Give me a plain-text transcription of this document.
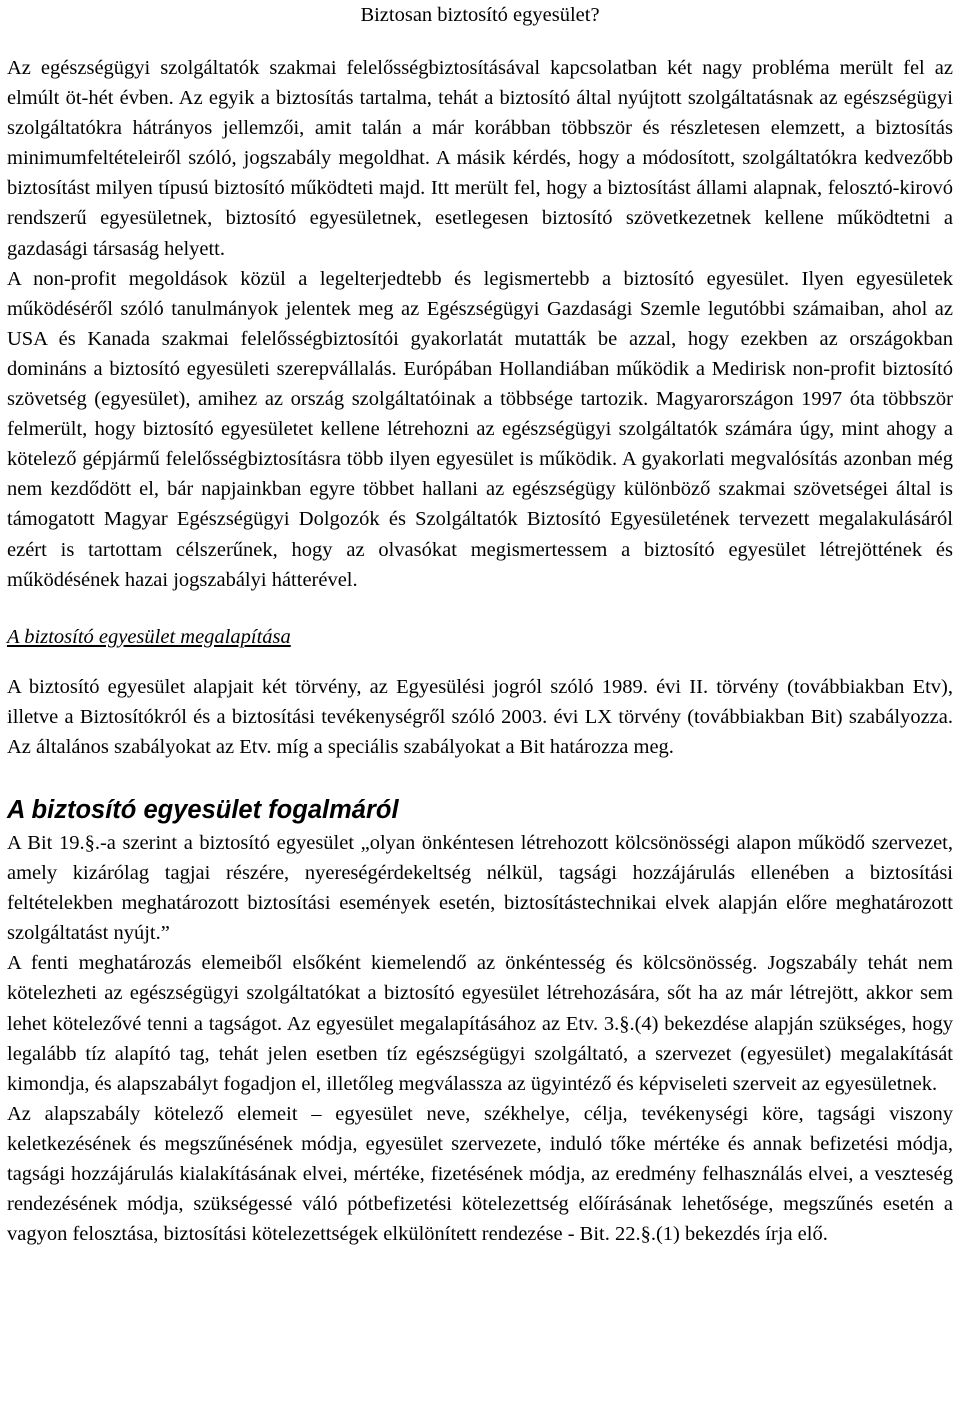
Biztosan biztosító egyesület?

Az egészségügyi szolgáltatók szakmai felelősségbiztosításával kapcsolatban két nagy probléma merült fel az elmúlt öt-hét évben. Az egyik a biztosítás tartalma, tehát a biztosító által nyújtott szolgáltatásnak az egészségügyi szolgáltatókra hátrányos jellemzői, amit talán a már korábban többször és részletesen elemzett, a biztosítás minimumfeltételeiről szóló, jogszabály megoldhat. A másik kérdés, hogy a módosított, szolgáltatókra kedvezőbb biztosítást milyen típusú biztosító működteti majd. Itt merült fel, hogy a biztosítást állami alapnak, felosztó-kirovó rendszerű egyesületnek, biztosító egyesületnek, esetlegesen biztosító szövetkezetnek kellene működtetni a gazdasági társaság helyett.

A non-profit megoldások közül a legelterjedtebb és legismertebb a biztosító egyesület. Ilyen egyesületek működéséről szóló tanulmányok jelentek meg az Egészségügyi Gazdasági Szemle legutóbbi számaiban, ahol az USA és Kanada szakmai felelősségbiztosítói gyakorlatát mutatták be azzal, hogy ezekben az országokban domináns a biztosító egyesületi szerepvállalás. Európában Hollandiában működik a Medirisk non-profit biztosító szövetség (egyesület), amihez az ország szolgáltatóinak a többsége tartozik. Magyarországon 1997 óta többször felmerült, hogy biztosító egyesületet kellene létrehozni az egészségügyi szolgáltatók számára úgy, mint ahogy a kötelező gépjármű felelősségbiztosításra több ilyen egyesület is működik. A gyakorlati megvalósítás azonban még nem kezdődött el, bár napjainkban egyre többet hallani az egészségügy különböző szakmai szövetségei által is támogatott Magyar Egészségügyi Dolgozók és Szolgáltatók Biztosító Egyesületének tervezett megalakulásáról ezért is tartottam célszerűnek, hogy az olvasókat megismertessem a biztosító egyesület létrejöttének és működésének hazai jogszabályi hátterével.

A biztosító egyesület megalapítása

A biztosító egyesület alapjait két törvény, az Egyesülési jogról szóló 1989. évi II. törvény (továbbiakban Etv), illetve a Biztosítókról és a biztosítási tevékenységről szóló 2003. évi LX törvény (továbbiakban Bit) szabályozza. Az általános szabályokat az Etv. míg a speciális szabályokat a Bit határozza meg.

A biztosító egyesület fogalmáról

A Bit 19.§.-a szerint a biztosító egyesület „olyan önkéntesen létrehozott kölcsönösségi alapon működő szervezet, amely kizárólag tagjai részére, nyereségérdekeltség nélkül, tagsági hozzájárulás ellenében a biztosítási feltételekben meghatározott biztosítási események esetén, biztosítástechnikai elvek alapján előre meghatározott szolgáltatást nyújt.”

A fenti meghatározás elemeiből elsőként kiemelendő az önkéntesség és kölcsönösség. Jogszabály tehát nem kötelezheti az egészségügyi szolgáltatókat a biztosító egyesület létrehozására, sőt ha az már létrejött, akkor sem lehet kötelezővé tenni a tagságot. Az egyesület megalapításához az Etv. 3.§.(4) bekezdése alapján szükséges, hogy legalább tíz alapító tag, tehát jelen esetben tíz egészségügyi szolgáltató, a szervezet (egyesület) megalakítását kimondja, és alapszabályt fogadjon el, illetőleg megválassza az ügyintéző és képviseleti szerveit az egyesületnek.

Az alapszabály kötelező elemeit – egyesület neve, székhelye, célja, tevékenységi köre, tagsági viszony keletkezésének és megszűnésének módja, egyesület szervezete, induló tőke mértéke és annak befizetési módja, tagsági hozzájárulás kialakításának elvei, mértéke, fizetésének módja, az eredmény felhasználás elvei, a veszteség rendezésének módja, szükségessé váló pótbefizetési kötelezettség előírásának lehetősége, megszűnés esetén a vagyon felosztása, biztosítási kötelezettségek elkülönített rendezése - Bit. 22.§.(1) bekezdés írja elő.
